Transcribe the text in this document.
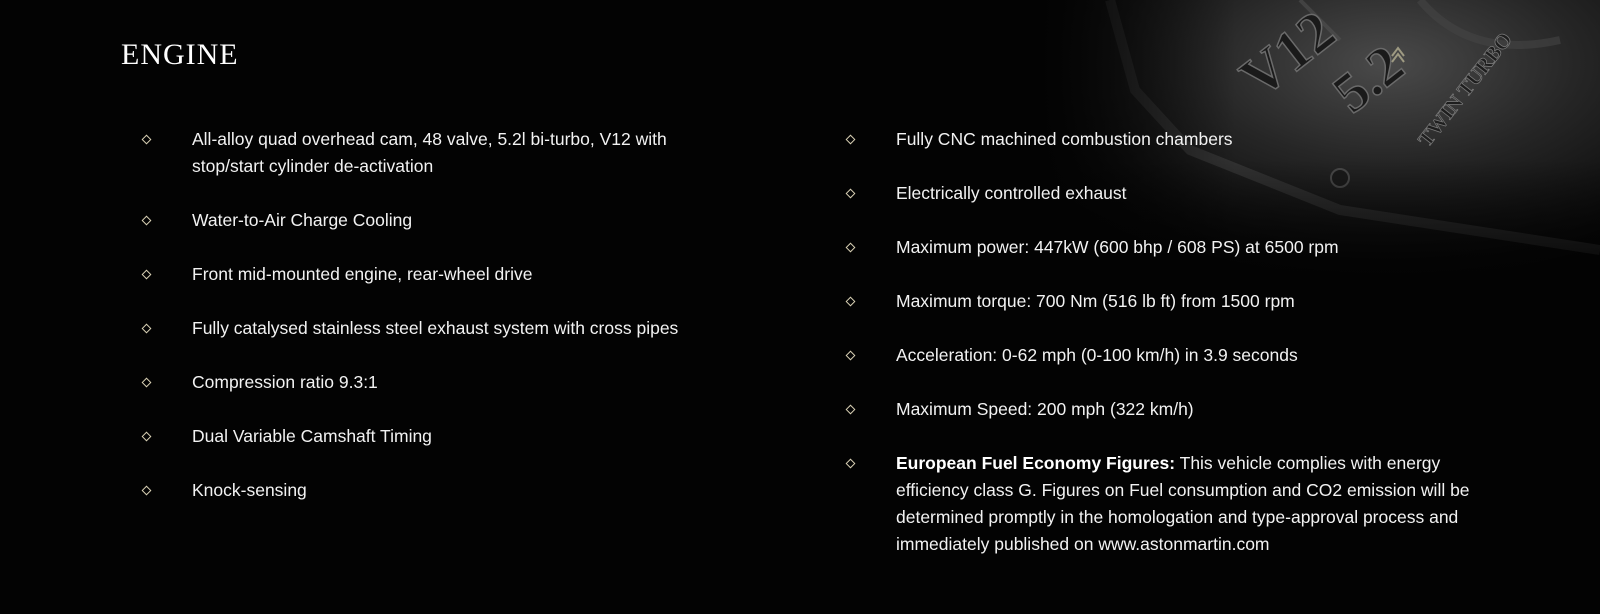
ENGINE
All-alloy quad overhead cam, 48 valve, 5.2l bi-turbo, V12 with stop/start cylinder de-activation
Water-to-Air Charge Cooling
Front mid-mounted engine, rear-wheel drive
Fully catalysed stainless steel exhaust system with cross pipes
Compression ratio 9.3:1
Dual Variable Camshaft Timing
Knock-sensing
Fully CNC machined combustion chambers
Electrically controlled exhaust
Maximum power: 447kW (600 bhp / 608 PS) at 6500 rpm
Maximum torque: 700 Nm (516 lb ft) from 1500 rpm
Acceleration: 0-62 mph (0-100 km/h) in 3.9 seconds
Maximum Speed: 200 mph (322 km/h)
European Fuel Economy Figures: This vehicle complies with energy efficiency class G. Figures on Fuel consumption and CO2 emission will be determined promptly in the homologation and type-approval process and immediately published on www.astonmartin.com
